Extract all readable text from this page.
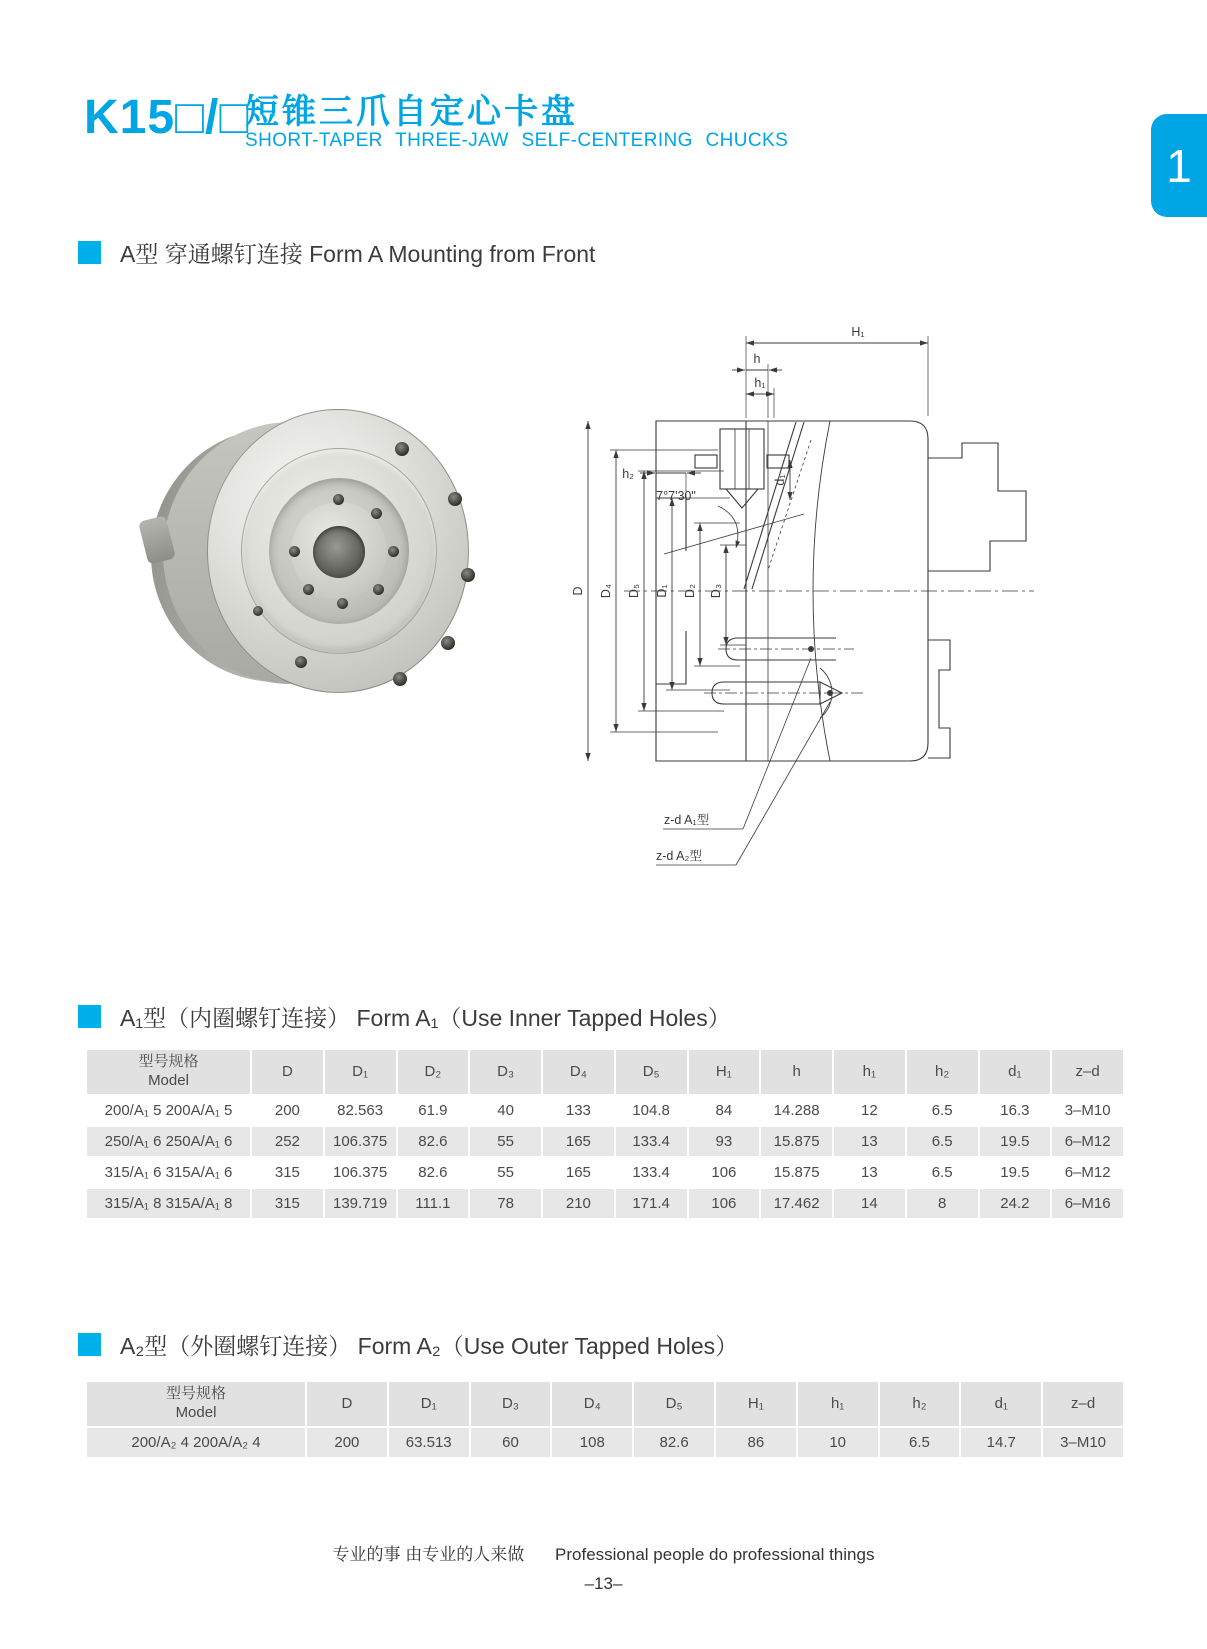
K15□/□
短锥三爪自定心卡盘
SHORT-TAPER THREE-JAW SELF-CENTERING CHUCKS	1
A型 穿通螺钉连接 Form A Mounting from Front
H₁
h
h₁
h₂
7°7'30"
d₁
D D₄ D₅ D₁ D₂ D₃
z-d A₁型
z-d A₂型
A₁型（内圈螺钉连接） Form A₁（Use Inner Tapped Holes）
型号规格
Model	D	D₁	D₂	D₃	D₄	D₅	H₁	h	h₁	h₂	d₁	z–d
200/A₁ 5 200A/A₁ 5	200	82.563	61.9	40	133	104.8	84	14.288	12	6.5	16.3	3–M10
250/A₁ 6 250A/A₁ 6	252	106.375	82.6	55	165	133.4	93	15.875	13	6.5	19.5	6–M12
315/A₁ 6 315A/A₁ 6	315	106.375	82.6	55	165	133.4	106	15.875	13	6.5	19.5	6–M12
315/A₁ 8 315A/A₁ 8	315	139.719	111.1	78	210	171.4	106	17.462	14	8	24.2	6–M16
A₂型（外圈螺钉连接） Form A₂（Use Outer Tapped Holes）
型号规格
Model	D	D₁	D₃	D₄	D₅	H₁	h₁	h₂	d₁	z–d
200/A₂ 4 200A/A₂ 4	200	63.513	60	108	82.6	86	10	6.5	14.7	3–M10
专业的事 由专业的人来做 Professional people do professional things
–13–
